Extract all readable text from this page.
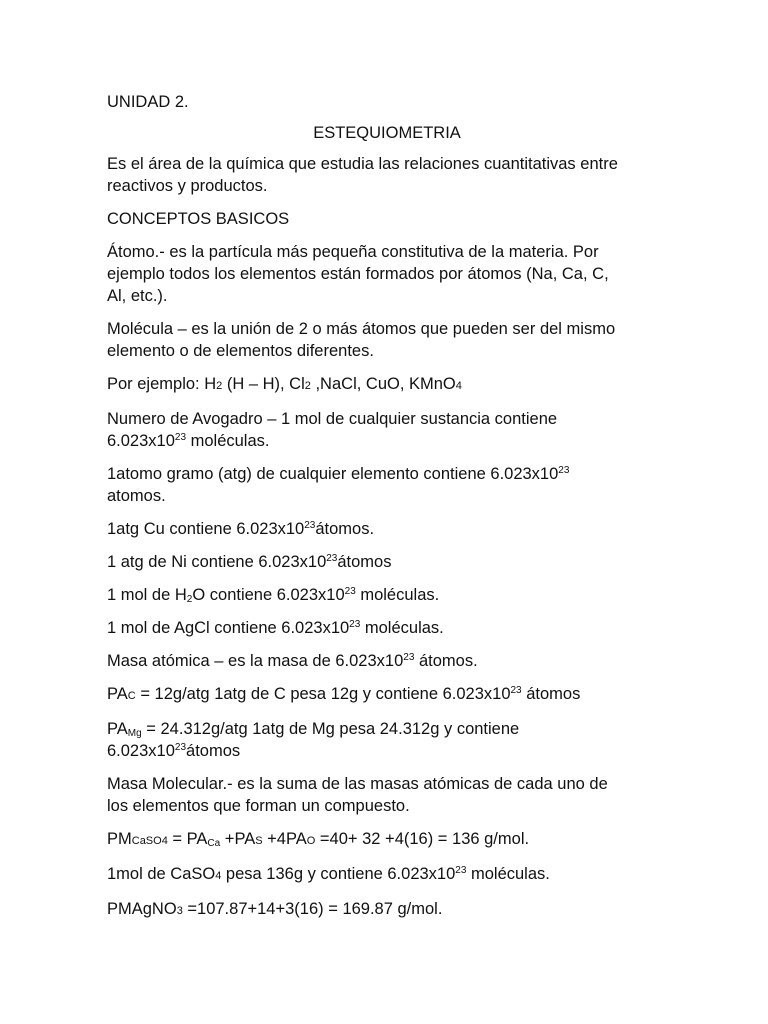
UNIDAD 2.
ESTEQUIOMETRIA
Es el área de la química que estudia las relaciones cuantitativas entre
reactivos y productos.
CONCEPTOS BASICOS
Átomo.- es la partícula más pequeña constitutiva de la materia. Por
ejemplo todos los elementos están formados por átomos (Na, Ca, C,
Al, etc.).
Molécula – es la unión de 2 o más átomos que pueden ser del mismo
elemento o de elementos diferentes.
Por ejemplo: H2 (H – H), Cl2 ,NaCl, CuO, KMnO4
Numero de Avogadro – 1 mol de cualquier sustancia contiene
$6.023x10^{23}$ moléculas.
1atomo gramo (atg) de cualquier elemento contiene $6.023x10^{23}$
atomos.
1atg Cu contiene $6.023x10^{23}átomos$.
1 atg de Ni contiene $6.023x10^{23}átomos$
1 mol de $H_2O$ contiene $6.023x10^{23}$ moléculas.
1 mol de AgCl contiene $6.023x10^{23}$ moléculas.
Masa atómica – es la masa de $6.023x10^{23}$ átomos.
PAC = 12g/atg 1atg de C pesa 12g y contiene $6.023x10^{23}$ átomos
$PA_{Mg} = 24.312g/atg$ 1atg de Mg pesa 24.312g y contiene
$6.023x10^{23}átomos$
Masa Molecular.- es la suma de las masas atómicas de cada uno de
los elementos que forman un compuesto.
PMCaSO4 = $PA_{Ca} +PAS +4PAO =40+ 32 +4(16) = 136$ g/mol.
1mol de CaSO4 pesa 136g y contiene $6.023x10^{23}$ moléculas.
PMAgNO3 =107.87+14+3(16) = 169.87 g/mol.
